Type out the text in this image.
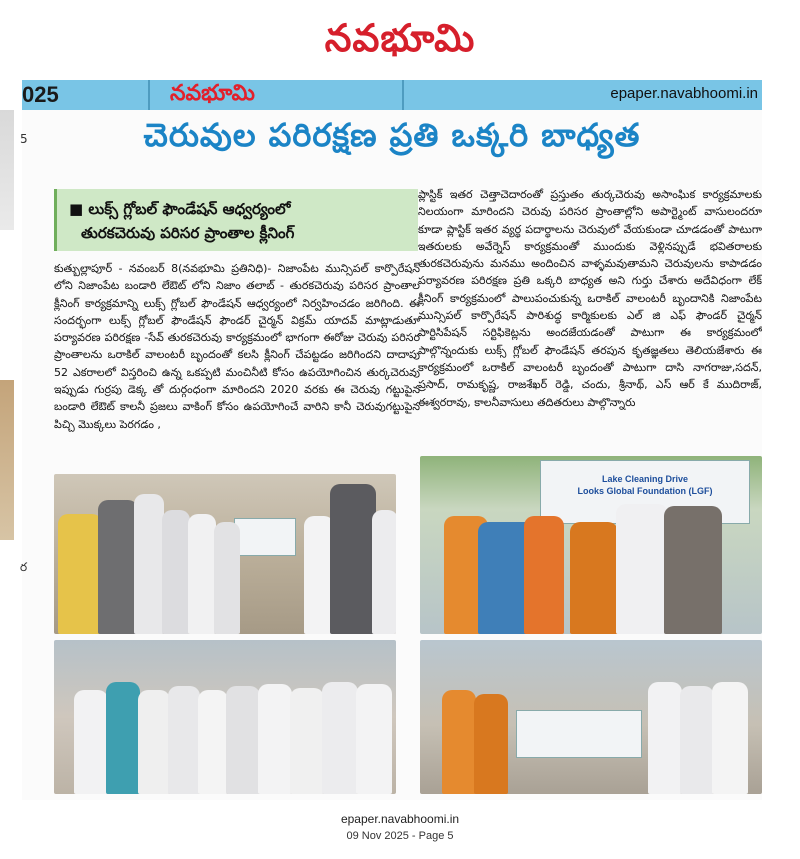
నవభూమి
025	నవభూమి	epaper.navabhoomi.in
చెరువుల పరిరక్షణ ప్రతి ఒక్కరి బాధ్యత
■ లుక్స్ గ్లోబల్ ఫౌండేషన్ ఆధ్వర్యంలో
తురకచెరువు పరిసర ప్రాంతాల క్లీనింగ్
కుత్బుల్లాపూర్ - నవంబర్ 8(నవభూమి ప్రతినిధి)- నిజాంపేట మున్సిపల్ కార్పొరేషన్ లోని నిజాంపేట బండారి లేఔట్ లోని నిజాం తలాబ్ - తురకచెరువు పరిసర ప్రాంతాల క్లీనింగ్ కార్యక్రమాన్ని లుక్స్ గ్లోబల్ ఫౌండేషన్ ఆధ్వర్యంలో నిర్వహించడం జరిగింది. ఈ సందర్భంగా లుక్స్ గ్లోబల్ ఫౌండేషన్ ఫౌండర్ చైర్మన్ విక్రమ్ యాదవ్ మాట్లాడుతూ పర్యావరణ పరిరక్షణ -సేవ్ తురకచెరువు కార్యక్రమంలో భాగంగా ఈరోజు చెరువు పరిసర ప్రాంతాలను ఒరాకిల్ వాలంటరీ బృందంతో కలసి క్లీనింగ్ చేపట్టడం జరిగిందని దాదాపు 52 ఎకరాలలో విస్తరించి ఉన్న ఒకప్పటి మంచినీటి కోసం ఉపయోగించిన తుర్కచెరువు ఇప్పుడు గుర్రపు డెక్క తో దుర్గంధంగా మారిందని 2020 వరకు ఈ చెరువు గట్టుపైన బండారి లేఔట్ కాలనీ ప్రజలు వాకింగ్ కోసం ఉపయోగించే వారిని కానీ చెరువుగట్టుపైన పిచ్చి మొక్కలు పెరగడం ,
ప్లాస్టిక్ ఇతర చెత్తాచెదారంతో ప్రస్తుతం తుర్కచెరువు అసాంఘిక కార్యక్రమాలకు నిలయంగా మారిందని చెరువు పరిసర ప్రాంతాల్లోని అపార్ట్మెంట్ వాసులందరూ కూడా ప్లాస్టిక్ ఇతర వ్యర్థ పదార్థాలను చెరువులో వేయకుండా చూడడంతో పాటుగా ఇతరులకు అవేర్నెస్ కార్యక్రమంతో ముందుకు వెళ్లినప్పుడే భవితరాలకు తురకచెరువును మనము అందించిన వాళ్ళమవుతామని చెరువులను కాపాడడం పర్యావరణ పరిరక్షణ ప్రతి ఒక్కరి బాధ్యత అని గుర్తు చేశారు అదేవిధంగా లేక్ క్లీనింగ్ కార్యక్రమంలో పాలుపంచుకున్న ఒరాకిల్ వాలంటరీ బృందానికి నిజాంపేట మున్సిపల్ కార్పొరేషన్ పారిశుద్ధ కార్మికులకు ఎల్ జి ఎఫ్ ఫౌండర్ చైర్మన్ పార్టిసిపేషన్ సర్టిఫికెట్లను అందజేయడంతో పాటుగా ఈ కార్యక్రమంలో పాల్గొన్నందుకు లుక్స్ గ్లోబల్ ఫౌండేషన్ తరపున కృతజ్ఞతలు తెలియజేశారు ఈ కార్యక్రమంలో ఒరాకిల్ వాలంటరీ బృందంతో పాటుగా దాసి నాగరాజు,సదన్, ప్రసాద్, రామకృష్ణ, రాజశేఖర్ రెడ్డి, చందు, శ్రీనాథ్, ఎస్ ఆర్ కే ముదిరాజ్, ఈశ్వరరావు, కాలనీవాసులు తదితరులు పాల్గొన్నారు
Lake Cleaning Drive
Looks Global Foundation (LGF)
5
ర
epaper.navabhoomi.in
09 Nov 2025 - Page 5
